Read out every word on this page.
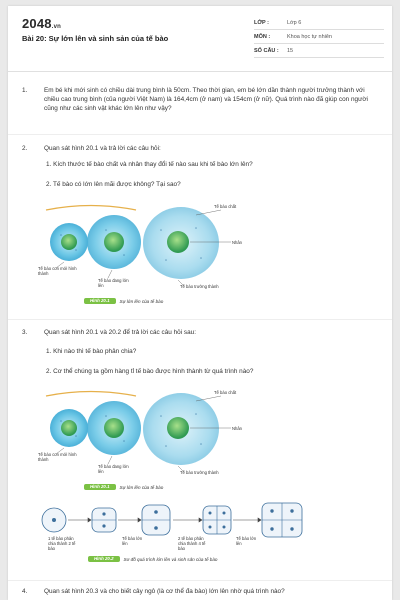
2048.vn
Bài 20: Sự lớn lên và sinh sản của tế bào
LỚP :	Lớp 6
MÔN :	Khoa học tự nhiên
SỐ CÂU :	15
1.	Em bé khi mới sinh có chiều dài trung bình là 50cm. Theo thời gian, em bé lớn dần thành người trưởng thành với chiều cao trung bình (của người Việt Nam) là 164,4cm (ở nam) và 154cm (ở nữ). Quá trình nào đã giúp con người cũng như các sinh vật khác lớn lên như vậy?
2.	Quan sát hình 20.1 và trả lời các câu hỏi:
1. Kích thước tế bào chất và nhân thay đổi tế nào sau khi tế bào lớn lên?
2. Tế bào có lớn lên mãi được không? Tại sao?
Tế bào chất
Nhân
Tế bào con mới hình thành
Tế bào đang lớn lên	Tế bào trưởng thành
Hình 20.1	Sự lớn lên của tế bào
3.	Quan sát hình 20.1 và 20.2 để trả lời các câu hỏi sau:
1. Khi nào thì tế bào phân chia?
2. Cơ thể chúng ta gồm hàng tỉ tế bào được hình thành từ quá trình nào?
Tế bào chất
Nhân
Tế bào con mới hình thành
Tế bào đang lớn lên	Tế bào trưởng thành
Hình 20.1	Sự lớn lên của tế bào
1 tế bào phân chia thành 2 tế bào
Tế bào lớn lên
2 tế bào phân chia thành 4 tế bào
Tế bào lớn lên
Hình 20.2	Sơ đồ quá trình lớn lên và sinh sản của tế bào
4.	Quan sát hình 20.3 và cho biết cây ngô (là cơ thể đa bào) lớn lên nhờ quá trình nào?
